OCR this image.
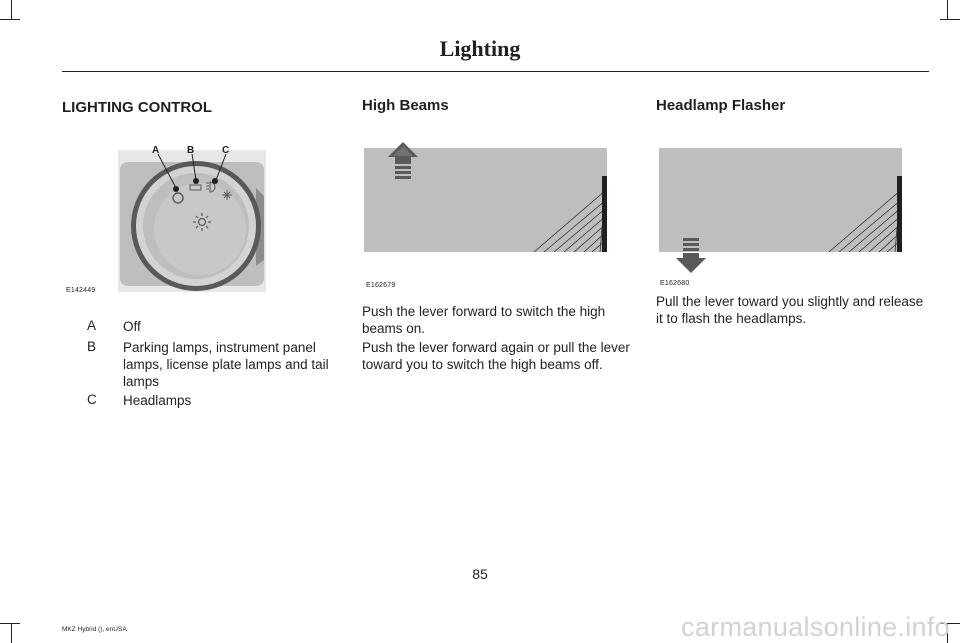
Lighting
LIGHTING CONTROL
A	B	C
E142449
A Off
B Parking lamps, instrument panel lamps, license plate lamps and tail lamps
C Headlamps
High Beams
E162679
Push the lever forward to switch the high beams on.
Push the lever forward again or pull the lever toward you to switch the high beams off.
Headlamp Flasher
E162680
Pull the lever toward you slightly and release it to flash the headlamps.
85
MKZ Hybrid (), enUSA	carmanualsonline.info
